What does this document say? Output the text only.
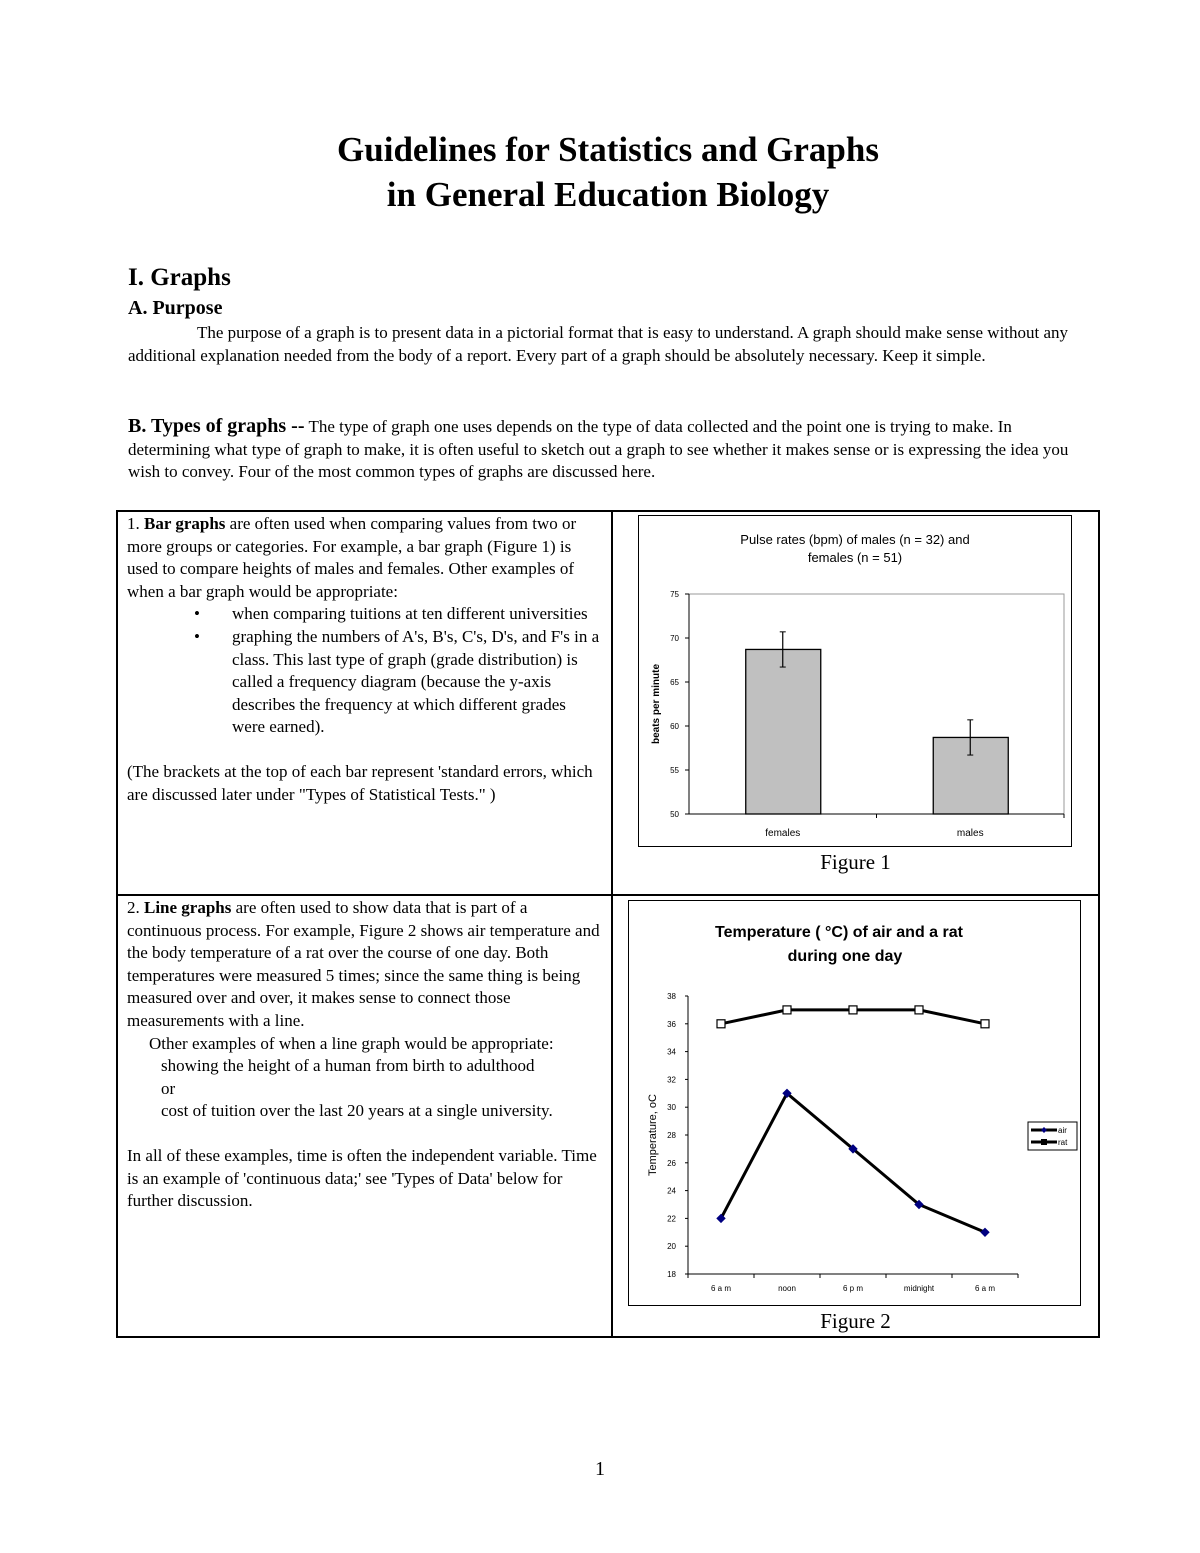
Guidelines for Statistics and Graphs
in General Education Biology
I. Graphs
A. Purpose
The purpose of a graph is to present data in a pictorial format that is easy to understand. A graph should make sense without any additional explanation needed from the body of a report. Every part of a graph should be absolutely necessary. Keep it simple.
B. Types of graphs -- The type of graph one uses depends on the type of data collected and the point one is trying to make. In determining what type of graph to make, it is often useful to sketch out a graph to see whether it makes sense or is expressing the idea you wish to convey. Four of the most common types of graphs are discussed here.
1. Bar graphs are often used when comparing values from two or more groups or categories. For example, a bar graph (Figure 1) is used to compare heights of males and females. Other examples of when a bar graph would be appropriate:
• when comparing tuitions at ten different universities
• graphing the numbers of A's, B's, C's, D's, and F's in a class. This last type of graph (grade distribution) is called a frequency diagram (because the y-axis describes the frequency at which different grades were earned).
(The brackets at the top of each bar represent 'standard errors, which are discussed later under "Types of Statistical Tests." )
Pulse rates (bpm) of males (n = 32) and
females (n = 51)
50
55
60
65
70
75
beats per minute
females	males
Figure 1
2. Line graphs are often used to show data that is part of a continuous process. For example, Figure 2 shows air temperature and the body temperature of a rat over the course of one day. Both temperatures were measured 5 times; since the same thing is being measured over and over, it makes sense to connect those measurements with a line.
Other examples of when a line graph would be appropriate:
showing the height of a human from birth to adulthood
or
cost of tuition over the last 20 years at a single university.
In all of these examples, time is often the independent variable. Time is an example of 'continuous data;' see 'Types of Data' below for further discussion.
Temperature ( °C) of air and a rat
during one day
18
20
22
24
26
28
30
32
34
36
38
Temperature, oC
6 a m	noon	6 p m	midnight	6 a m
air
rat
Figure 2
1
